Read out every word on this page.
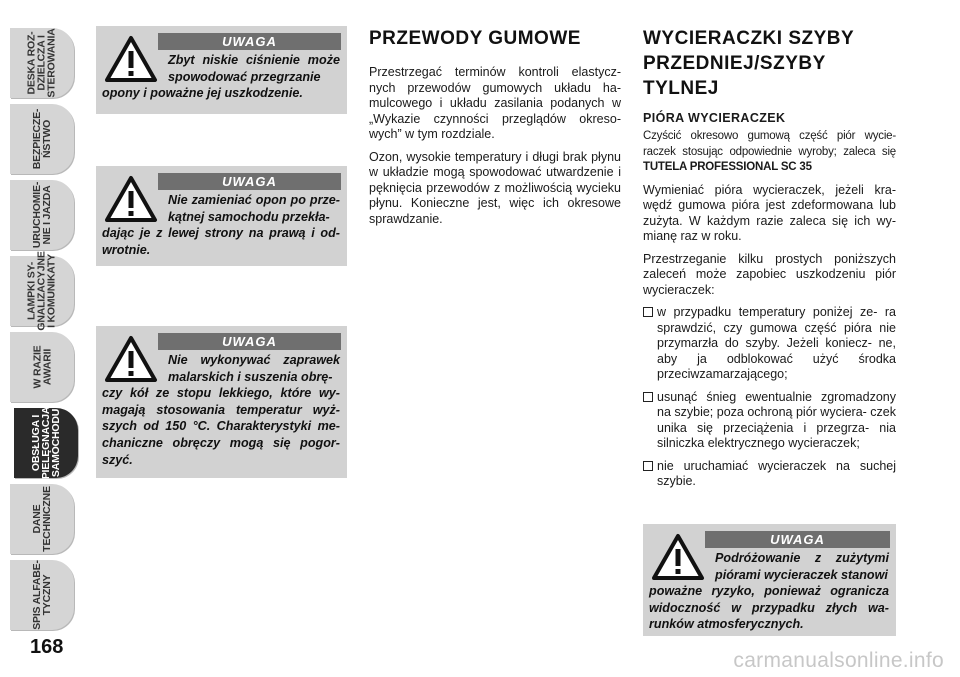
DESKA ROZ-
DZIELCZA I
STEROWANIA
BEZPIECZE-
ŃSTWO
URUCHOMIE-
NIE I JAZDA
LAMPKI SY-
GNALIZACYJNE
I KOMUNIKATY
W RAZIE
AWARII
OBSŁUGA I
PIELĘGNACJA
SAMOCHODU
DANE
TECHNICZNE
SPIS ALFABE-
TYCZNY
168
UWAGA
Zbyt niskie ciśnienie może spowodować przegrzanie
opony i poważne jej uszkodzenie.
UWAGA
Nie zamieniać opon po prze- kątnej samochodu przekła-
dając je z lewej strony na prawą i od- wrotnie.
UWAGA
Nie wykonywać zaprawek malarskich i suszenia obrę-
czy kół ze stopu lekkiego, które wy- magają stosowania temperatur wyż- szych od 150 °C. Charakterystyki me- chaniczne obręczy mogą się pogor- szyć.
PRZEWODY GUMOWE

Przestrzegać terminów kontroli elastycz- nych przewodów gumowych układu ha- mulcowego i układu zasilania podanych w „Wykazie czynności przeglądów okreso- wych” w tym rozdziale.

Ozon, wysokie temperatury i długi brak płynu w układzie mogą spowodować utwardzenie i pęknięcia przewodów z możliwością wycieku płynu. Konieczne jest, więc ich okresowe sprawdzanie.

WYCIERACZKI SZYBY PRZEDNIEJ/SZYBY TYLNEJ
PIÓRA WYCIERACZEK

Czyścić okresowo gumową część piór wycie- raczek stosując odpowiednie wyroby; zaleca się TUTELA PROFESSIONAL SC 35

Wymieniać pióra wycieraczek, jeżeli kra- wędź gumowa pióra jest zdeformowana lub zużyta. W każdym razie zaleca się ich wy- mianę raz w roku.

Przestrzeganie kilku prostych poniższych zaleceń może zapobiec uszkodzeniu piór wycieraczek:

w przypadku temperatury poniżej ze- ra sprawdzić, czy gumowa część pióra nie przymarzła do szyby. Jeżeli koniecz- ne, aby ja odblokować użyć środka przeciwzamarzającego;

usunąć śnieg ewentualnie zgromadzony na szybie; poza ochroną piór wyciera- czek unika się przeciążenia i przegrza- nia silniczka elektrycznego wycieraczek;

nie uruchamiać wycieraczek na suchej szybie.

UWAGA
Podróżowanie z zużytymi piórami wycieraczek stanowi
poważne ryzyko, ponieważ ogranicza widoczność w przypadku złych wa- runków atmosferycznych.
carmanualsonline.info
